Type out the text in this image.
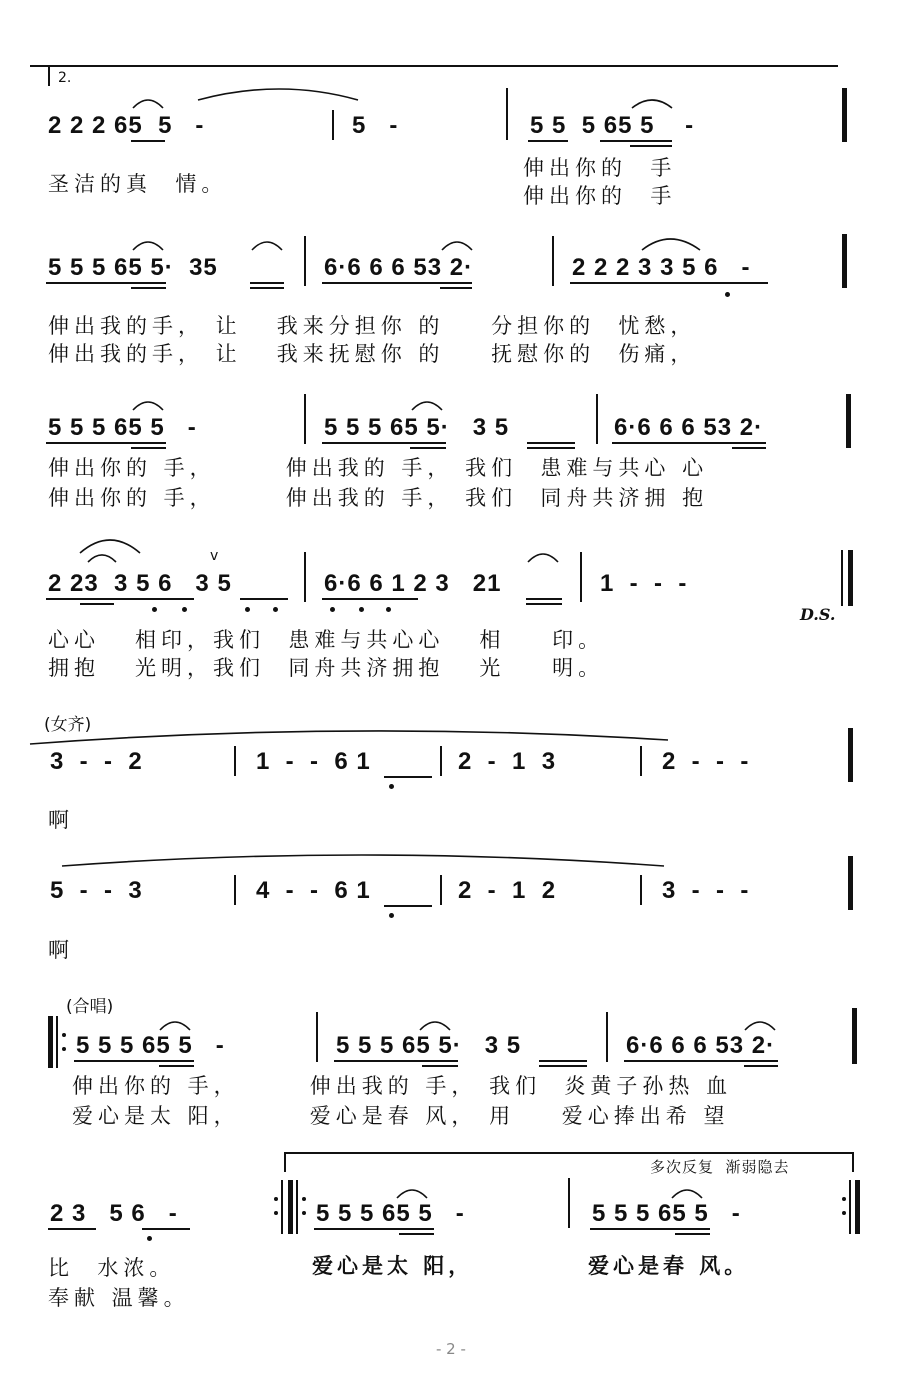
2.
v
2 2 2 65  5   -	5   -	5 5  5 65 5    -
圣洁的真  情。
伸出你的  手
伸出你的  手
5 5 5 65 5·  35	6·6 6 6 53 2·	2 2 2 3 3 5 6   -
伸出我的手， 让   我来分担你 的    分担你的  忧愁，
伸出我的手， 让   我来抚慰你 的    抚慰你的  伤痛，
5 5 5 65 5   -	5 5 5 65 5·   3 5	6·6 6 6 53 2·
伸出你的 手，      伸出我的 手， 我们  患难与共心 心
伸出你的 手，      伸出我的 手， 我们  同舟共济拥 抱
2 23  3 5 6   3 5	6·6 6 1 2 3   21	1  -  -  -
D.S.
心心   相印，我们  患难与共心心   相    印。
拥抱   光明，我们  同舟共济拥抱   光    明。
(女齐)
3  -  -  2	1  -  -  6 1	2  -  1  3	2  -  -  -
啊
5  -  -  3	4  -  -  6 1	2  -  1  2	3  -  -  -
啊
(合唱)
5 5 5 65 5   -	5 5 5 65 5·   3 5	6·6 6 6 53 2·
伸出你的 手，      伸出我的 手， 我们  炎黄子孙热 血
爱心是太 阳，      爱心是春 风， 用    爱心捧出希 望
多次反复  渐弱隐去
2 3   5 6   -	5 5 5 65 5   -	5 5 5 65 5   -
比  水浓。	爱心是太 阳，	爱心是春 风。
奉献 温馨。
- 2 -
